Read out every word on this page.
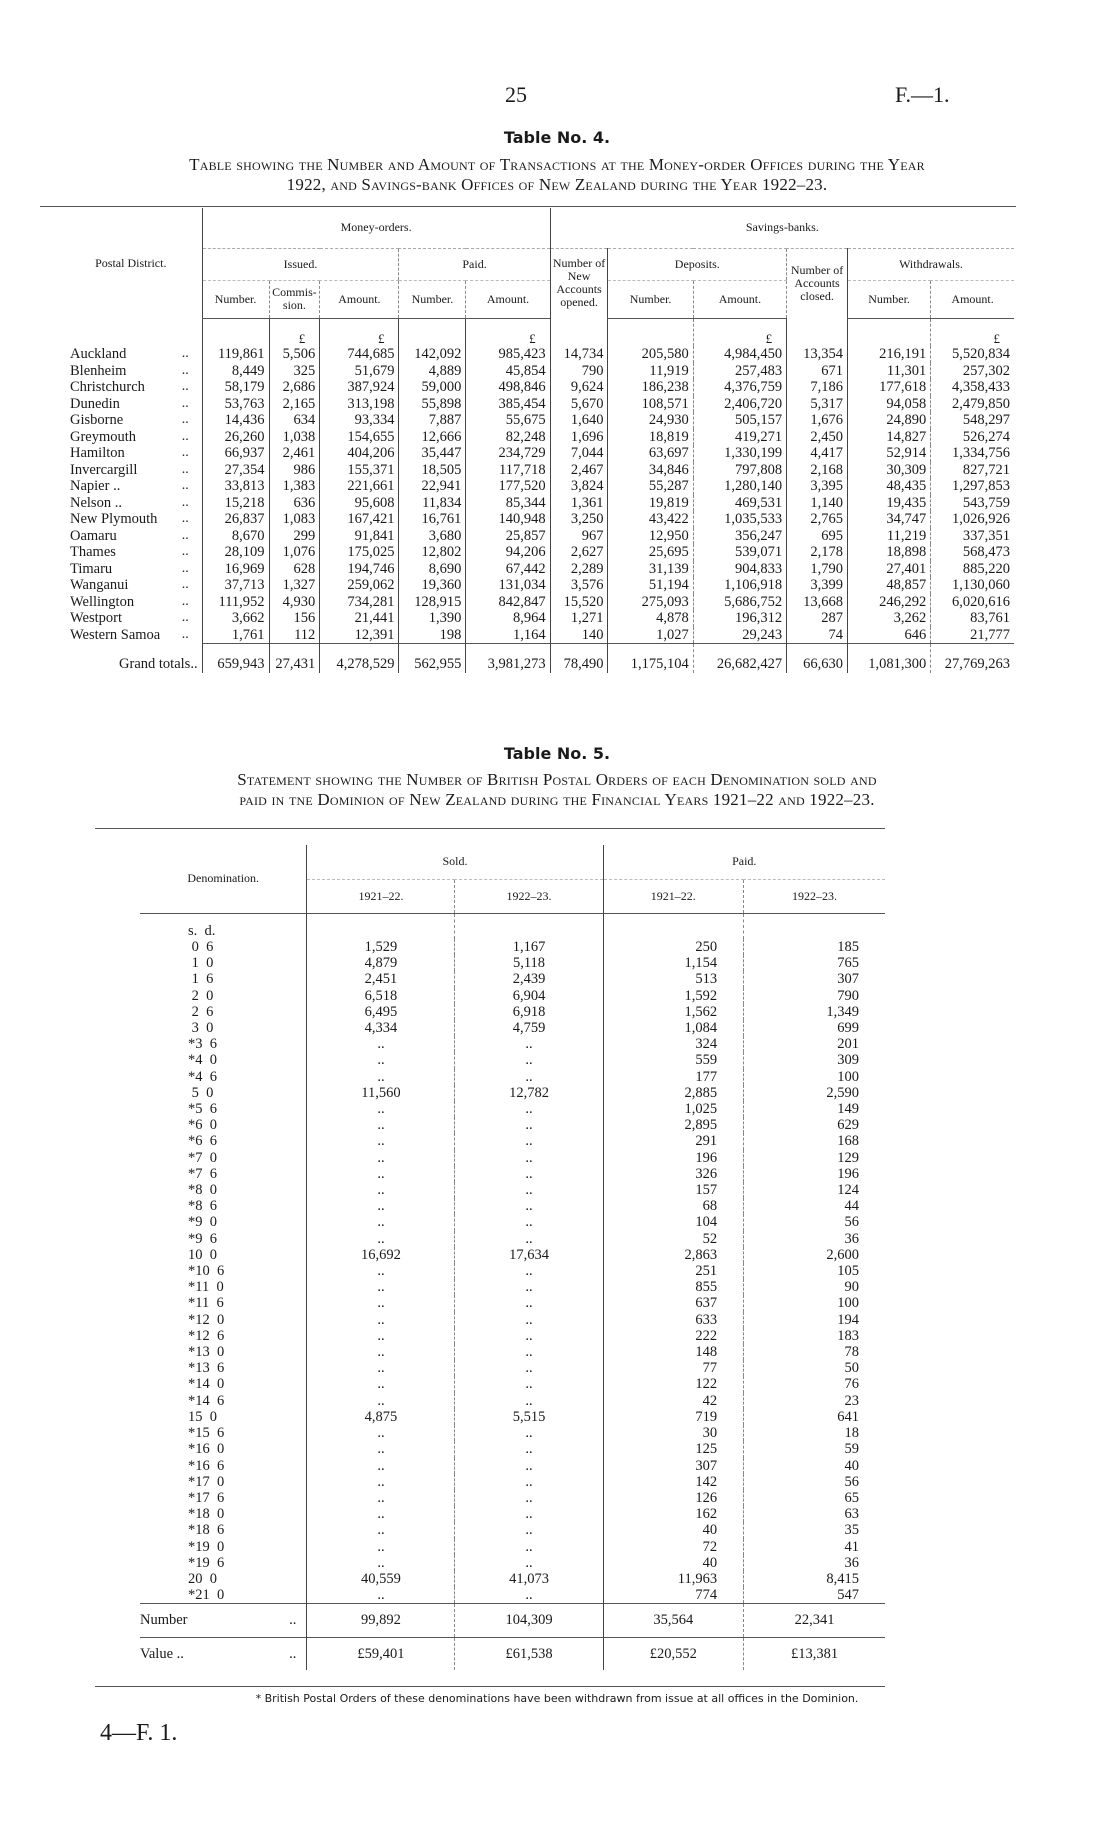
25	F.—1.
Table No. 4.
Table showing the Number and Amount of Transactions at the Money-order Offices during the Year
1922, and Savings-bank Offices of New Zealand during the Year 1922–23.
Postal District.		Money-orders.					Savings-banks.					
		Issued.			Paid.		Number of New Accounts opened.	Deposits.		Number of Accounts closed.	Withdrawals.	
		Number.	Commis- sion.	Amount.	Number.	Amount.		Number.	Amount.		Number.	Amount.
			£	£		£			£			£
Auckland	..	119,861	5,506	744,685	142,092	985,423	14,734	205,580	4,984,450	13,354	216,191	5,520,834
Blenheim	..	8,449	325	51,679	4,889	45,854	790	11,919	257,483	671	11,301	257,302
Christchurch	..	58,179	2,686	387,924	59,000	498,846	9,624	186,238	4,376,759	7,186	177,618	4,358,433
Dunedin	..	53,763	2,165	313,198	55,898	385,454	5,670	108,571	2,406,720	5,317	94,058	2,479,850
Gisborne	..	14,436	634	93,334	7,887	55,675	1,640	24,930	505,157	1,676	24,890	548,297
Greymouth	..	26,260	1,038	154,655	12,666	82,248	1,696	18,819	419,271	2,450	14,827	526,274
Hamilton	..	66,937	2,461	404,206	35,447	234,729	7,044	63,697	1,330,199	4,417	52,914	1,334,756
Invercargill	..	27,354	986	155,371	18,505	117,718	2,467	34,846	797,808	2,168	30,309	827,721
Napier ..	..	33,813	1,383	221,661	22,941	177,520	3,824	55,287	1,280,140	3,395	48,435	1,297,853
Nelson ..	..	15,218	636	95,608	11,834	85,344	1,361	19,819	469,531	1,140	19,435	543,759
New Plymouth	..	26,837	1,083	167,421	16,761	140,948	3,250	43,422	1,035,533	2,765	34,747	1,026,926
Oamaru	..	8,670	299	91,841	3,680	25,857	967	12,950	356,247	695	11,219	337,351
Thames	..	28,109	1,076	175,025	12,802	94,206	2,627	25,695	539,071	2,178	18,898	568,473
Timaru	..	16,969	628	194,746	8,690	67,442	2,289	31,139	904,833	1,790	27,401	885,220
Wanganui	..	37,713	1,327	259,062	19,360	131,034	3,576	51,194	1,106,918	3,399	48,857	1,130,060
Wellington	..	111,952	4,930	734,281	128,915	842,847	15,520	275,093	5,686,752	13,668	246,292	6,020,616
Westport	..	3,662	156	21,441	1,390	8,964	1,271	4,878	196,312	287	3,262	83,761
Western Samoa	..	1,761	112	12,391	198	1,164	140	1,027	29,243	74	646	21,777
Grand totals..		659,943	27,431	4,278,529	562,955	3,981,273	78,490	1,175,104	26,682,427	66,630	1,081,300	27,769,263
Table No. 5.
Statement showing the Number of British Postal Orders of each Denomination sold and
paid in tne Dominion of New Zealand during the Financial Years 1921–22 and 1922–23.
Denomination.	Sold.		Paid.	
	1921–22.	1922–23.	1921–22.	1922–23.
s.  d.				
0  6	1,529	1,167	250	185
1  0	4,879	5,118	1,154	765
1  6	2,451	2,439	513	307
2  0	6,518	6,904	1,592	790
2  6	6,495	6,918	1,562	1,349
3  0	4,334	4,759	1,084	699
*3  6	..	..	324	201
*4  0	..	..	559	309
*4  6	..	..	177	100
5  0	11,560	12,782	2,885	2,590
*5  6	..	..	1,025	149
*6  0	..	..	2,895	629
*6  6	..	..	291	168
*7  0	..	..	196	129
*7  6	..	..	326	196
*8  0	..	..	157	124
*8  6	..	..	68	44
*9  0	..	..	104	56
*9  6	..	..	52	36
10  0	16,692	17,634	2,863	2,600
*10  6	..	..	251	105
*11  0	..	..	855	90
*11  6	..	..	637	100
*12  0	..	..	633	194
*12  6	..	..	222	183
*13  0	..	..	148	78
*13  6	..	..	77	50
*14  0	..	..	122	76
*14  6	..	..	42	23
15  0	4,875	5,515	719	641
*15  6	..	..	30	18
*16  0	..	..	125	59
*16  6	..	..	307	40
*17  0	..	..	142	56
*17  6	..	..	126	65
*18  0	..	..	162	63
*18  6	..	..	40	35
*19  0	..	..	72	41
*19  6	..	..	40	36
20  0	40,559	41,073	11,963	8,415
*21  0	..	..	774	547
Number ..	99,892	104,309	35,564	22,341
Value .. ..	£59,401	£61,538	£20,552	£13,381
* British Postal Orders of these denominations have been withdrawn from issue at all offices in the Dominion.
4—F. 1.
